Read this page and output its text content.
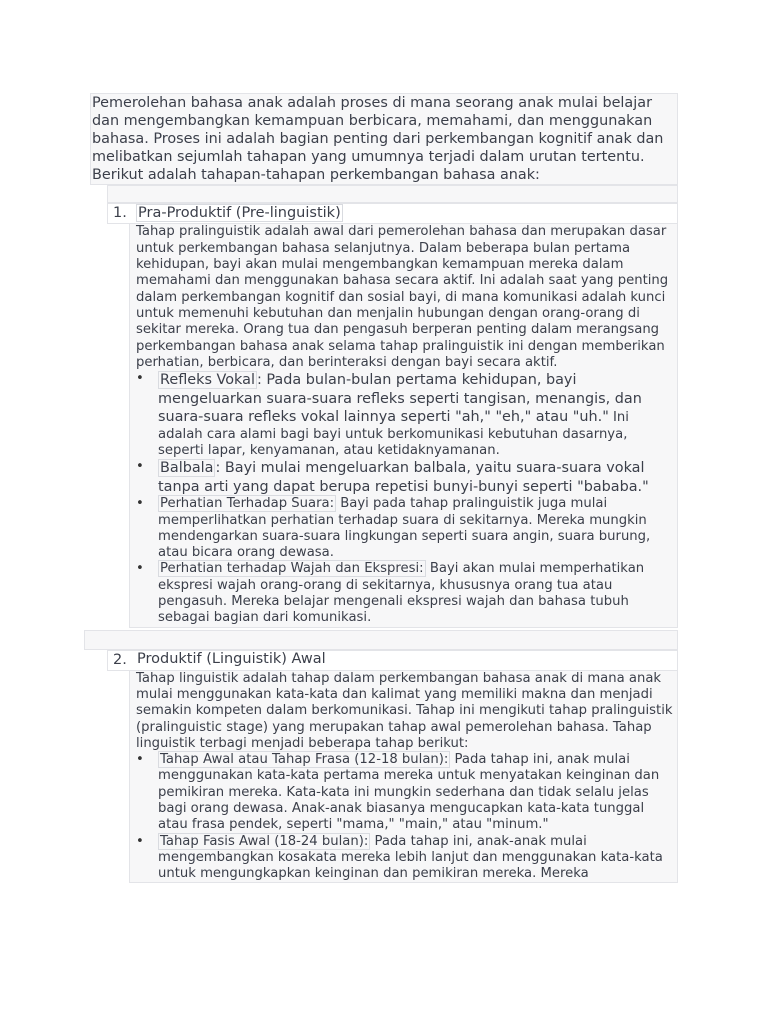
Pemerolehan bahasa anak adalah proses di mana seorang anak mulai belajar dan mengembangkan kemampuan berbicara, memahami, dan menggunakan bahasa. Proses ini adalah bagian penting dari perkembangan kognitif anak dan melibatkan sejumlah tahapan yang umumnya terjadi dalam urutan tertentu. Berikut adalah tahapan-tahapan perkembangan bahasa anak:

1. Pra-Produktif (Pre-linguistik)

Tahap pralinguistik adalah awal dari pemerolehan bahasa dan merupakan dasar untuk perkembangan bahasa selanjutnya. Dalam beberapa bulan pertama kehidupan, bayi akan mulai mengembangkan kemampuan mereka dalam memahami dan menggunakan bahasa secara aktif. Ini adalah saat yang penting dalam perkembangan kognitif dan sosial bayi, di mana komunikasi adalah kunci untuk memenuhi kebutuhan dan menjalin hubungan dengan orang-orang di sekitar mereka. Orang tua dan pengasuh berperan penting dalam merangsang perkembangan bahasa anak selama tahap pralinguistik ini dengan memberikan perhatian, berbicara, dan berinteraksi dengan bayi secara aktif.

• Refleks Vokal : Pada bulan-bulan pertama kehidupan, bayi mengeluarkan suara-suara refleks seperti tangisan, menangis, dan suara-suara refleks vokal lainnya seperti "ah," "eh," atau "uh." Ini adalah cara alami bagi bayi untuk berkomunikasi kebutuhan dasarnya, seperti lapar, kenyamanan, atau ketidaknyamanan.
• Balbala : Bayi mulai mengeluarkan balbala, yaitu suara-suara vokal tanpa arti yang dapat berupa repetisi bunyi-bunyi seperti "bababa."
• Perhatian Terhadap Suara: Bayi pada tahap pralinguistik juga mulai memperlihatkan perhatian terhadap suara di sekitarnya. Mereka mungkin mendengarkan suara-suara lingkungan seperti suara angin, suara burung, atau bicara orang dewasa.
• Perhatian terhadap Wajah dan Ekspresi: Bayi akan mulai memperhatikan ekspresi wajah orang-orang di sekitarnya, khususnya orang tua atau pengasuh. Mereka belajar mengenali ekspresi wajah dan bahasa tubuh sebagai bagian dari komunikasi.
2. Produktif (Linguistik) Awal

Tahap linguistik adalah tahap dalam perkembangan bahasa anak di mana anak mulai menggunakan kata-kata dan kalimat yang memiliki makna dan menjadi semakin kompeten dalam berkomunikasi. Tahap ini mengikuti tahap pralinguistik (pralinguistic stage) yang merupakan tahap awal pemerolehan bahasa. Tahap linguistik terbagi menjadi beberapa tahap berikut:

• Tahap Awal atau Tahap Frasa (12-18 bulan): Pada tahap ini, anak mulai menggunakan kata-kata pertama mereka untuk menyatakan keinginan dan pemikiran mereka. Kata-kata ini mungkin sederhana dan tidak selalu jelas bagi orang dewasa. Anak-anak biasanya mengucapkan kata-kata tunggal atau frasa pendek, seperti "mama," "main," atau "minum."
• Tahap Fasis Awal (18-24 bulan): Pada tahap ini, anak-anak mulai mengembangkan kosakata mereka lebih lanjut dan menggunakan kata-kata untuk mengungkapkan keinginan dan pemikiran mereka. Mereka
